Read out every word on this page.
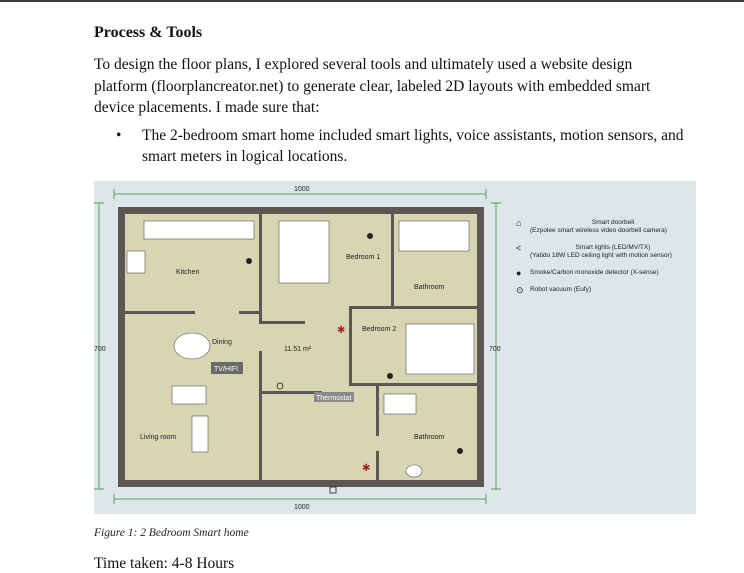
Process & Tools

To design the floor plans, I explored several tools and ultimately used a website design platform (floorplancreator.net) to generate clear, labeled 2D layouts with embedded smart device placements. I made sure that:

• The 2-bedroom smart home included smart lights, voice assistants, motion sensors, and smart meters in logical locations.
1000
1000
700	700
Kitchen
Dining
Living room
Bedroom 1
Bedroom 2
Bathroom
Bathroom
11.51 m²
TV/HIFI
Thermostat
✱
✱
⌂	Smart doorbell
(Ezpolee smart wireless video doorbell camera)
<	Smart lights (LED/MV/TX)
(Yatido 18W LED ceiling light with motion sensor)
● Smoke/Carbon monoxide detector (X-sense)
⊙ Robot vacuum (Eufy)
Figure 1: 2 Bedroom Smart home
Time taken: 4-8 Hours
